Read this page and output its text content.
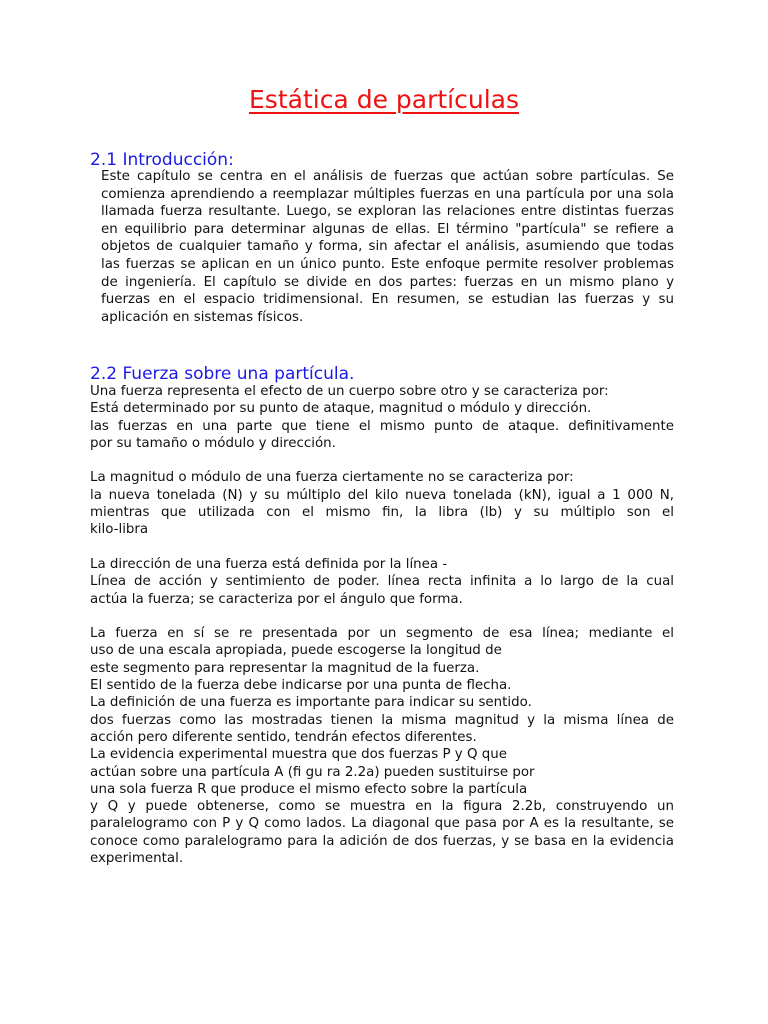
Estática de partículas
2.1 Introducción:

Este capítulo se centra en el análisis de fuerzas que actúan sobre partículas. Se comienza aprendiendo a reemplazar múltiples fuerzas en una partícula por una sola llamada fuerza resultante. Luego, se exploran las relaciones entre distintas fuerzas en equilibrio para determinar algunas de ellas. El término "partícula" se refiere a objetos de cualquier tamaño y forma, sin afectar el análisis, asumiendo que todas las fuerzas se aplican en un único punto. Este enfoque permite resolver problemas de ingeniería. El capítulo se divide en dos partes: fuerzas en un mismo plano y fuerzas en el espacio tridimensional. En resumen, se estudian las fuerzas y su aplicación en sistemas físicos.

2.2 Fuerza sobre una partícula.
Una fuerza representa el efecto de un cuerpo sobre otro y se caracteriza por:
Está determinado por su punto de ataque, magnitud o módulo y dirección.
las fuerzas en una parte que tiene el mismo punto de ataque. definitivamente
por su tamaño o módulo y dirección.
La magnitud o módulo de una fuerza ciertamente no se caracteriza por:
la nueva tonelada (N) y su múltiplo del kilo nueva tonelada (kN), igual a 1 000 N,
mientras que utilizada con el mismo fin, la libra (lb) y su múltiplo son el
kilo-libra
La dirección de una fuerza está definida por la línea -
Línea de acción y sentimiento de poder. línea recta infinita a lo largo de la cual
actúa la fuerza; se caracteriza por el ángulo que forma.
La fuerza en sí se re presentada por un segmento de esa línea; mediante el
uso de una escala apropiada, puede escogerse la longitud de
este segmento para representar la magnitud de la fuerza.
El sentido de la fuerza debe indicarse por una punta de flecha.
La definición de una fuerza es importante para indicar su sentido.
dos fuerzas como las mostradas tienen la misma magnitud y la misma línea de
acción pero diferente sentido, tendrán efectos diferentes.
La evidencia experimental muestra que dos fuerzas P y Q que
actúan sobre una partícula A (fi gu ra 2.2a) pueden sustituirse por
una sola fuerza R que produce el mismo efecto sobre la partícula
y Q y puede obtenerse, como se muestra en la figura 2.2b, construyendo un paralelogramo con P y Q como lados. La diagonal que pasa por A es la resultante, se conoce como paralelogramo para la adición de dos fuerzas, y se basa en la evidencia experimental.
